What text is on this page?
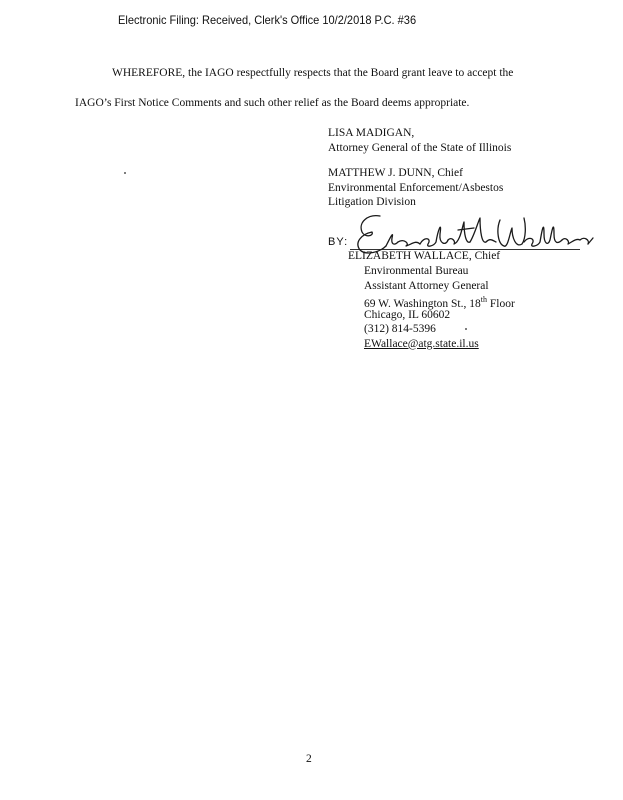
Electronic Filing: Received, Clerk's Office 10/2/2018 P.C. #36
WHEREFORE, the IAGO respectfully respects that the Board grant leave to accept the
IAGO’s First Notice Comments and such other relief as the Board deems appropriate.
LISA MADIGAN,
Attorney General of the State of Illinois
MATTHEW J. DUNN, Chief
Environmental Enforcement/Asbestos
Litigation Division
BY:
ELIZABETH WALLACE, Chief
Environmental Bureau
Assistant Attorney General
69 W. Washington St., 18th Floor
Chicago, IL 60602
(312) 814-5396
EWallace@atg.state.il.us
2
